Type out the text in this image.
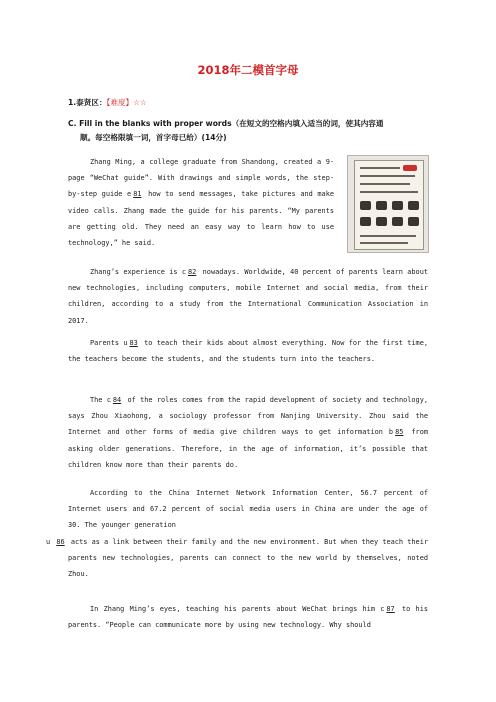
2018年二模首字母
1.泰贤区：【难度】☆☆
C. Fill in the blanks with proper words（在短文的空格内填入适当的词，使其内容通
顺。每空格限填一词，首字母已给）(14分)
Zhang Ming, a college graduate from Shandong, created a 9-page “WeChat guide”. With drawings and simple words, the step-by-step guide e81 how to send messages, take pictures and make video calls. Zhang made the guide for his parents. “My parents are getting old. They need an easy way to learn how to use technology,” he said.
Zhang’s experience is c82 nowadays. Worldwide, 40 percent of parents learn about new technologies, including computers, mobile Internet and social media, from their children, according to a study from the International Communication Association in 2017.
Parents u83 to teach their kids about almost everything. Now for the first time, the teachers become the students, and the students turn into the teachers.
The c84 of the roles comes from the rapid development of society and technology, says Zhou Xiaohong, a sociology professor from Nanjing University. Zhou said the Internet and other forms of media give children ways to get information b85 from asking older generations. Therefore, in the age of information, it’s possible that children know more than their parents do.
According to the China Internet Network Information Center, 56.7 percent of Internet users and 67.2 percent of social media users in China are under the age of 30. The younger generation
u 86 acts as a link between their family and the new environment. But when they teach their parents new technologies, parents can connect to the new world by themselves, noted Zhou.
In Zhang Ming’s eyes, teaching his parents about WeChat brings him c87 to his parents. “People can communicate more by using new technology. Why should
